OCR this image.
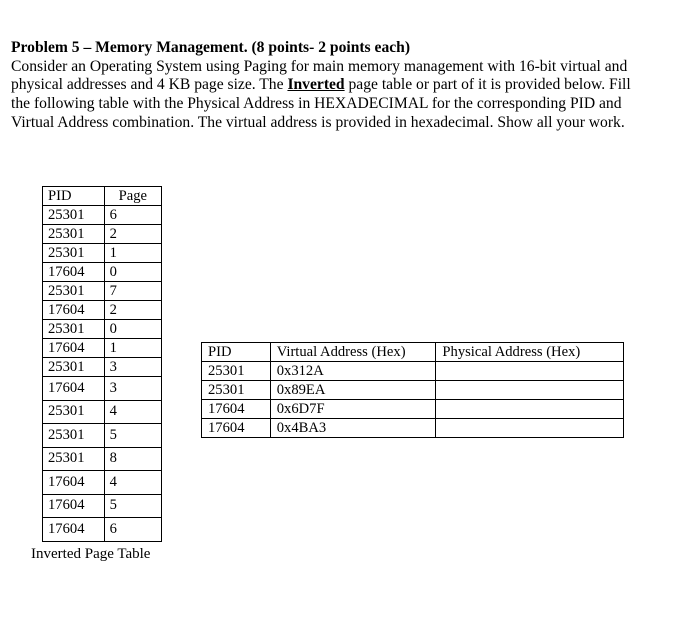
Problem 5 – Memory Management. (8 points- 2 points each)

Consider an Operating System using Paging for main memory management with 16-bit virtual and physical addresses and 4 KB page size. The Inverted page table or part of it is provided below. Fill the following table with the Physical Address in HEXADECIMAL for the corresponding PID and Virtual Address combination. The virtual address is provided in hexadecimal. Show all your work.

PID	Page
25301	6
25301	2
25301	1
17604	0
25301	7
17604	2
25301	0
17604	1
25301	3
17604	3
25301	4
25301	5
25301	8
17604	4
17604	5
17604	6
Inverted Page Table
PID	Virtual Address (Hex)	Physical Address (Hex)
25301	0x312A	
25301	0x89EA	
17604	0x6D7F	
17604	0x4BA3	
